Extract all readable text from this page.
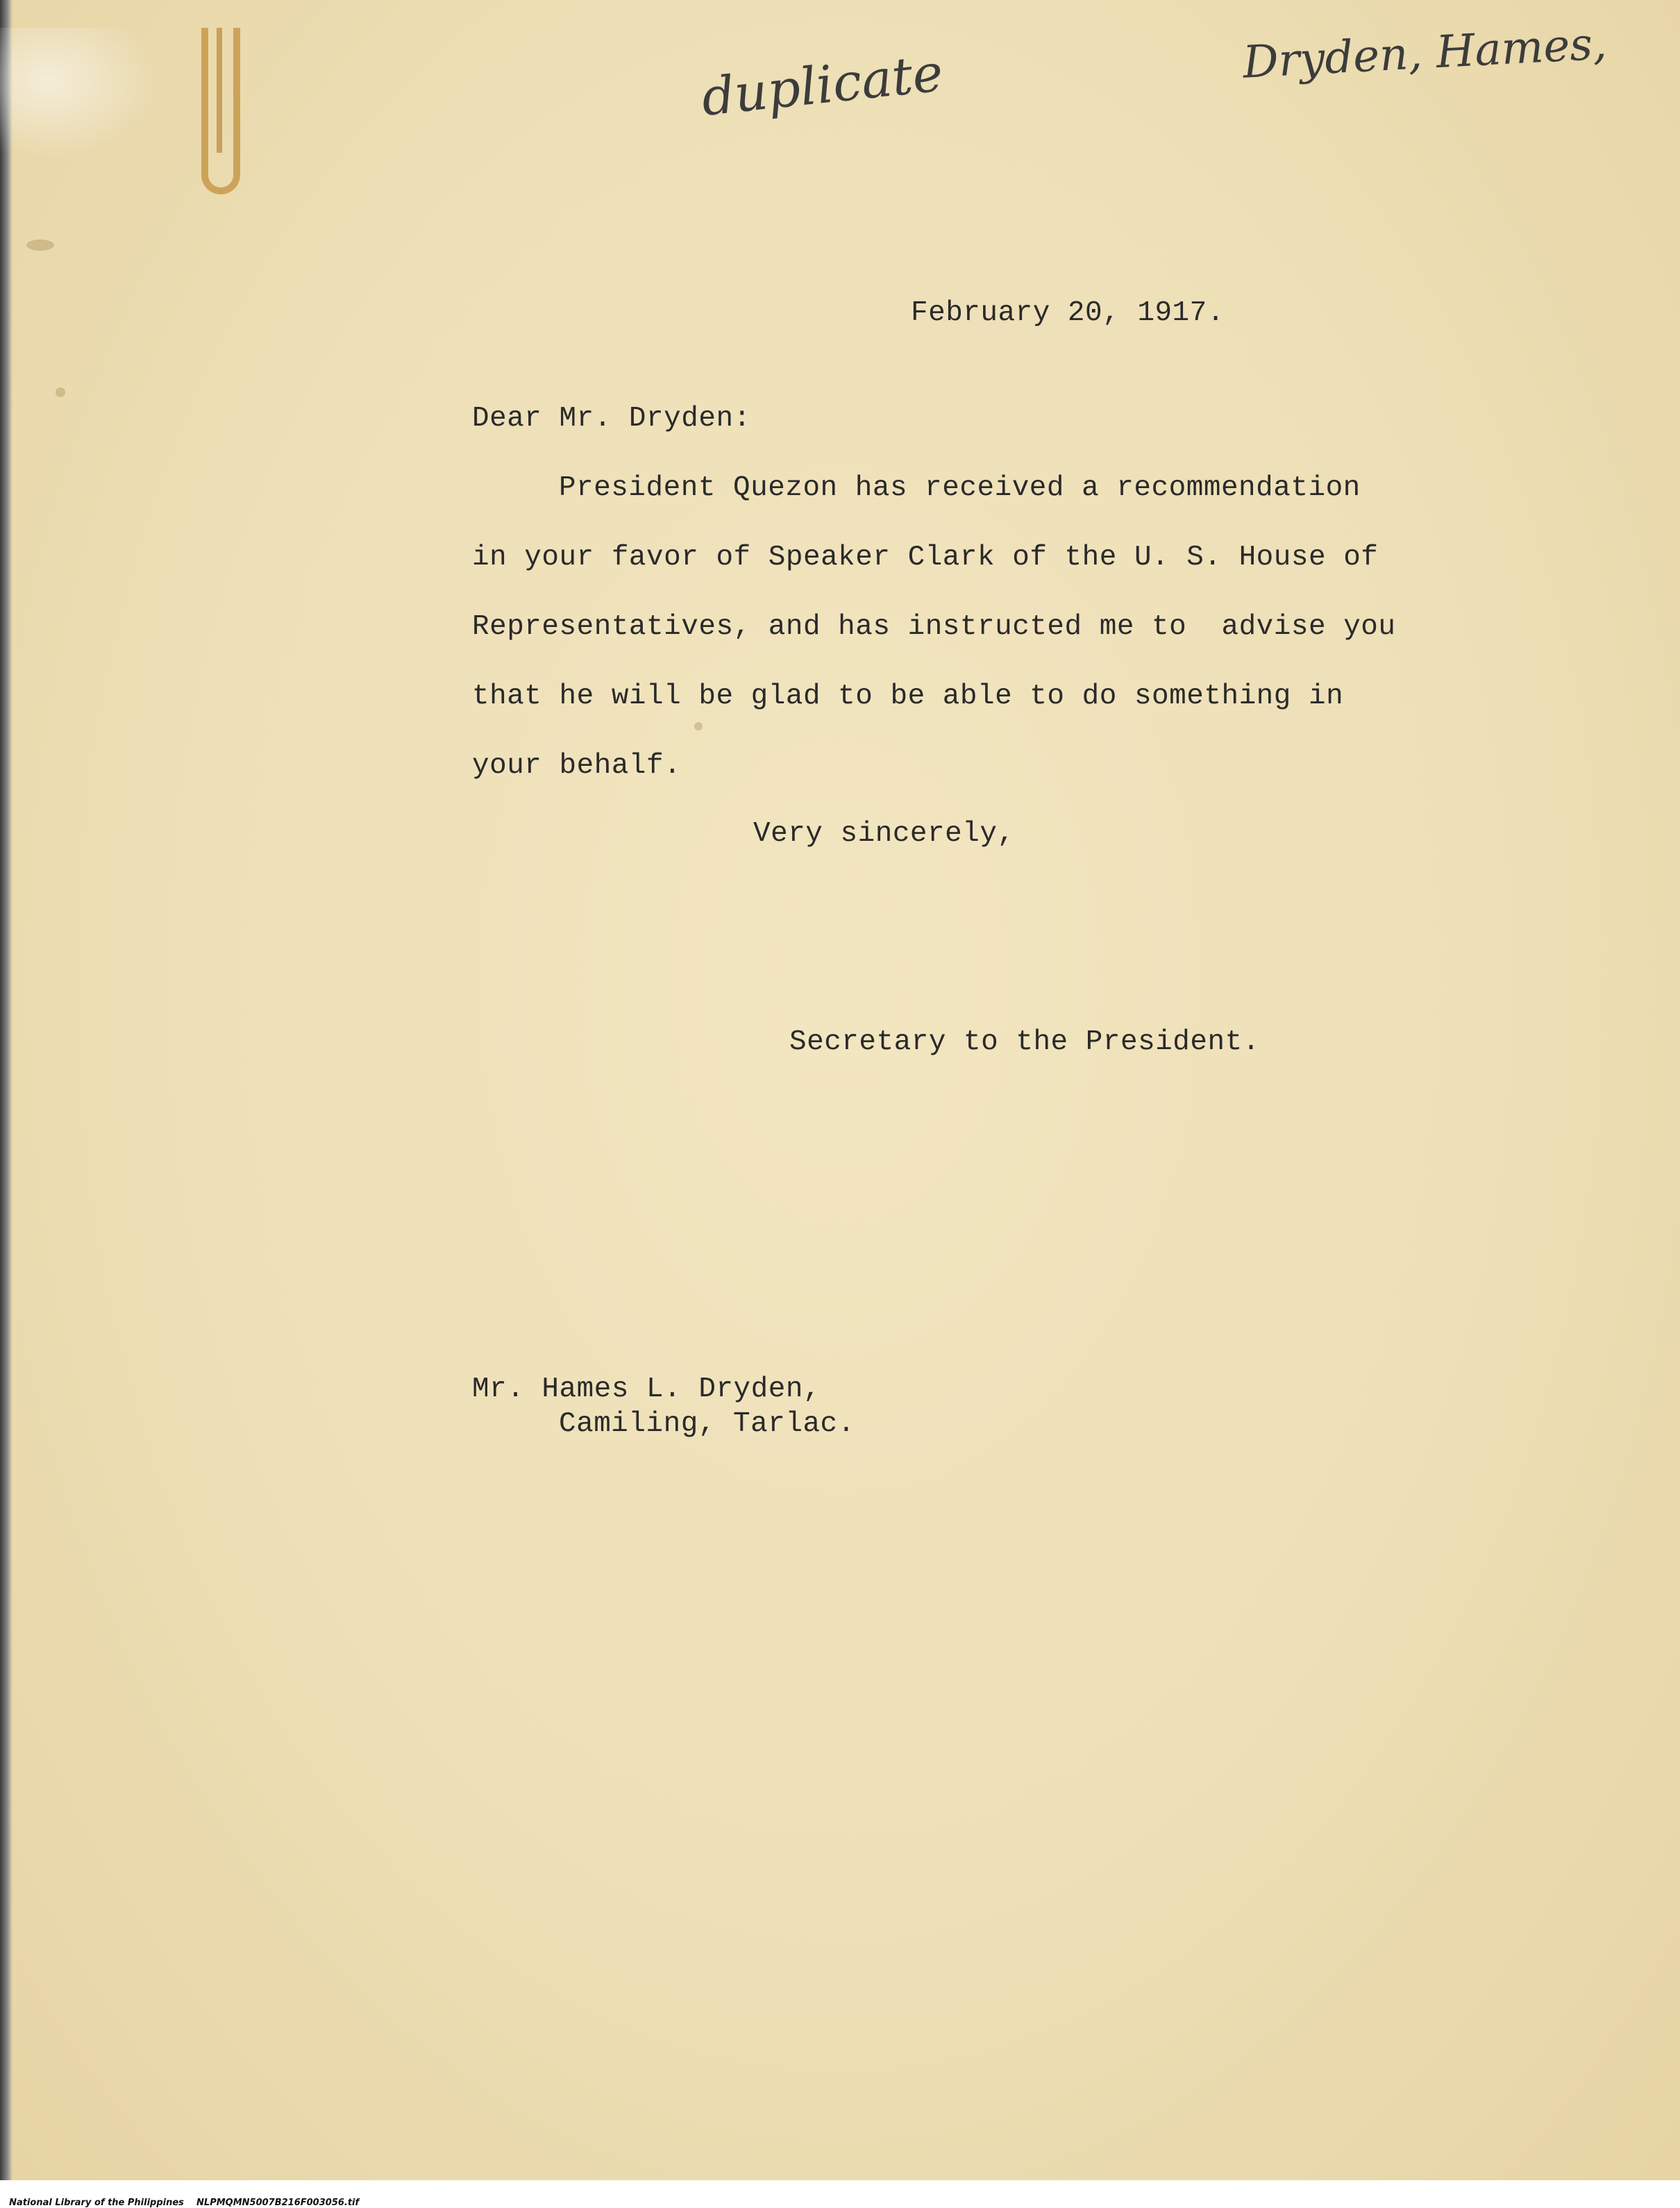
duplicate	Dryden, Hames,
February 20, 1917.
Dear Mr. Dryden:
President Quezon has received a recommendation
in your favor of Speaker Clark of the U. S. House of
Representatives, and has instructed me to  advise you
that he will be glad to be able to do something in
your behalf.
Very sincerely,
Secretary to the President.
Mr. Hames L. Dryden,
Camiling, Tarlac.

National Library of the Philippines NLPMQMN5007B216F003056.tif
